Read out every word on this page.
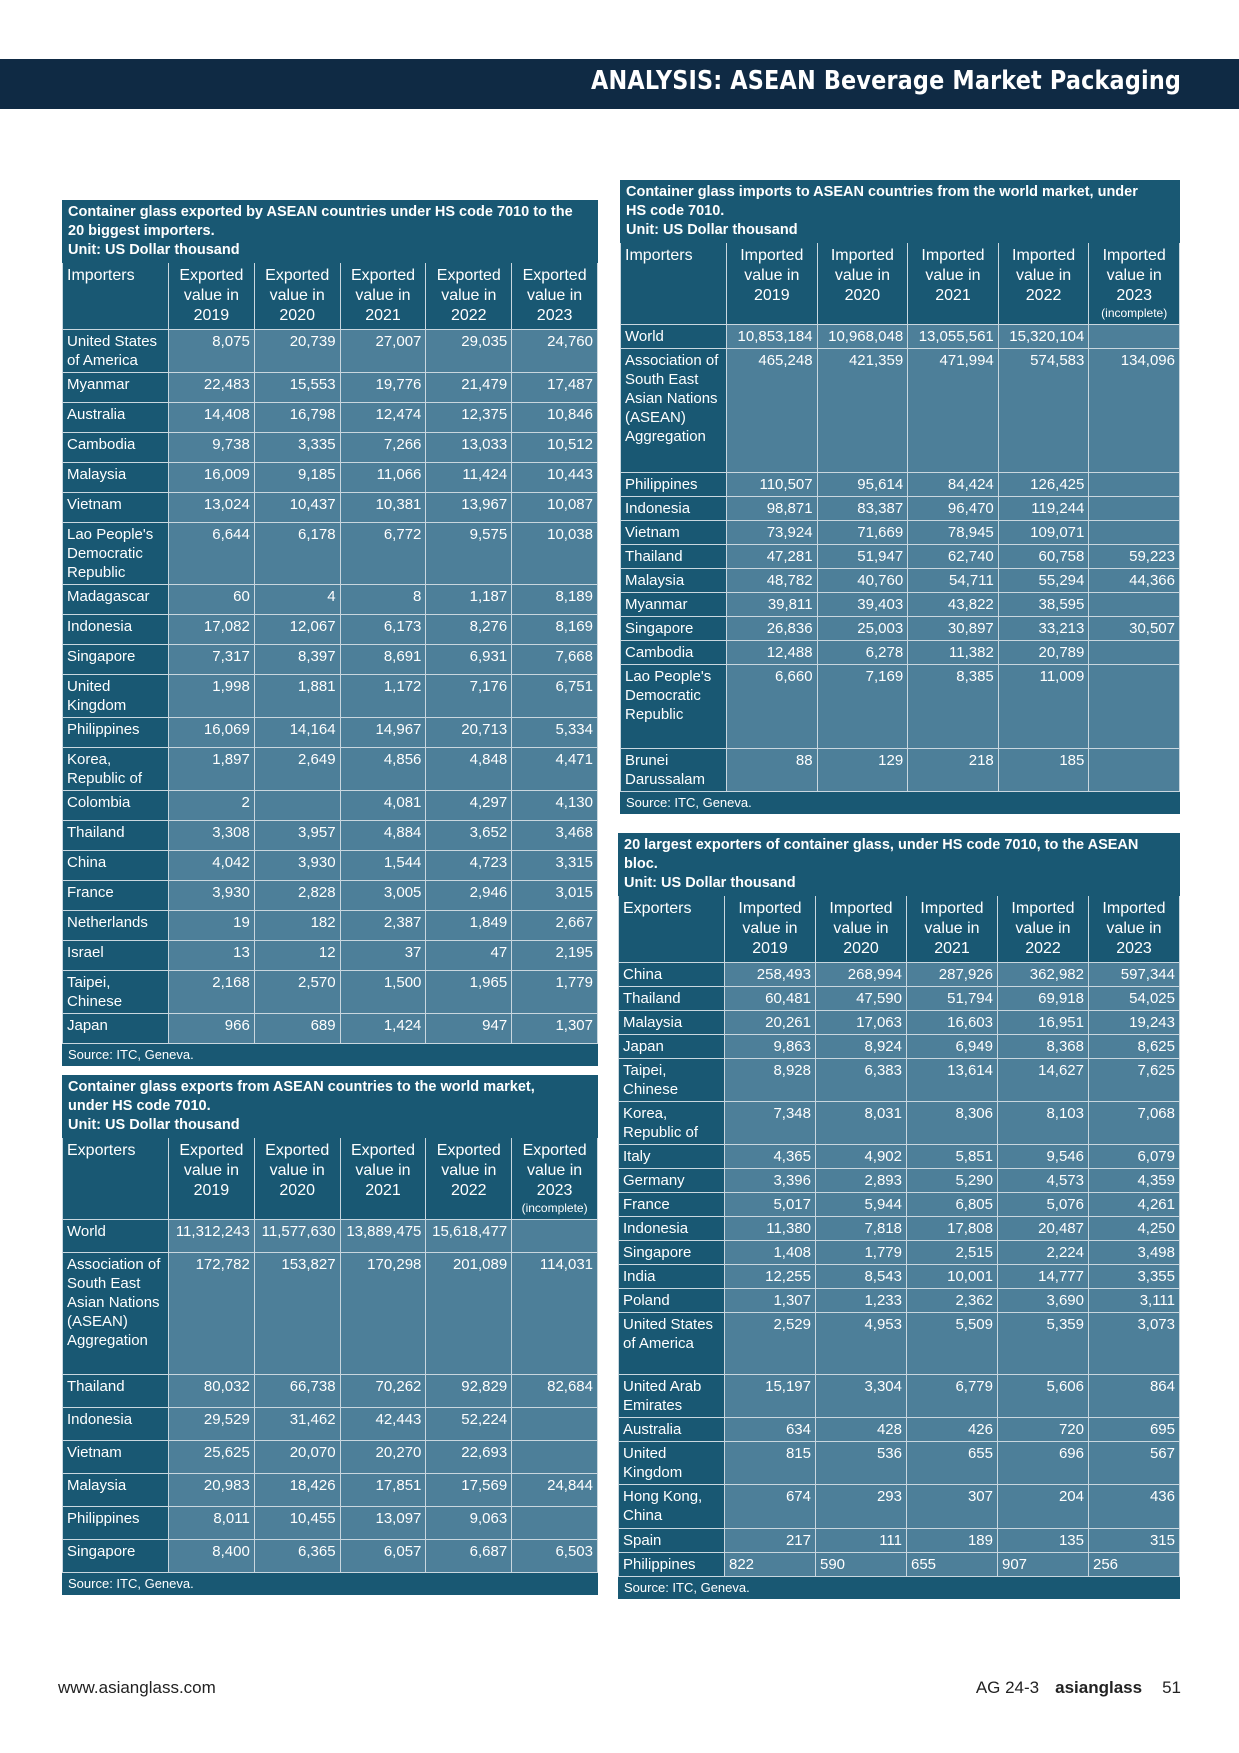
ANALYSIS: ASEAN Beverage Market Packaging
Container glass exported by ASEAN countries under HS code 7010 to the
20 biggest importers.
Unit: US Dollar thousand					

Importers	Exported value in 2019	Exported value in 2020	Exported value in 2021	Exported value in 2022	Exported value in 2023
United States of America	8,075	20,739	27,007	29,035	24,760
Myanmar	22,483	15,553	19,776	21,479	17,487
Australia	14,408	16,798	12,474	12,375	10,846
Cambodia	9,738	3,335	7,266	13,033	10,512
Malaysia	16,009	9,185	11,066	11,424	10,443
Vietnam	13,024	10,437	10,381	13,967	10,087
Lao People's Democratic Republic	6,644	6,178	6,772	9,575	10,038
Madagascar	60	4	8	1,187	8,189
Indonesia	17,082	12,067	6,173	8,276	8,169
Singapore	7,317	8,397	8,691	6,931	7,668
United Kingdom	1,998	1,881	1,172	7,176	6,751
Philippines	16,069	14,164	14,967	20,713	5,334
Korea, Republic of	1,897	2,649	4,856	4,848	4,471
Colombia	2		4,081	4,297	4,130
Thailand	3,308	3,957	4,884	3,652	3,468
China	4,042	3,930	1,544	4,723	3,315
France	3,930	2,828	3,005	2,946	3,015
Netherlands	19	182	2,387	1,849	2,667
Israel	13	12	37	47	2,195
Taipei, Chinese	2,168	2,570	1,500	1,965	1,779
Japan	966	689	1,424	947	1,307
Source: ITC, Geneva.					
Container glass exports from ASEAN countries to the world market,
under HS code 7010.
Unit: US Dollar thousand					

Exporters	Exported value in 2019	Exported value in 2020	Exported value in 2021	Exported value in 2022	Exported value in 2023
(incomplete)

World	11,312,243	11,577,630	13,889,475	15,618,477	
Association of South East Asian Nations (ASEAN) Aggregation	172,782	153,827	170,298	201,089	114,031
Thailand	80,032	66,738	70,262	92,829	82,684
Indonesia	29,529	31,462	42,443	52,224	
Vietnam	25,625	20,070	20,270	22,693	
Malaysia	20,983	18,426	17,851	17,569	24,844
Philippines	8,011	10,455	13,097	9,063	
Singapore	8,400	6,365	6,057	6,687	6,503
Source: ITC, Geneva.					
Container glass imports to ASEAN countries from the world market, under
HS code 7010.
Unit: US Dollar thousand					

Importers	Imported value in 2019	Imported value in 2020	Imported value in 2021	Imported value in 2022	Imported value in 2023
(incomplete)

World	10,853,184	10,968,048	13,055,561	15,320,104	
Association of South East Asian Nations (ASEAN) Aggregation	465,248	421,359	471,994	574,583	134,096
Philippines	110,507	95,614	84,424	126,425	
Indonesia	98,871	83,387	96,470	119,244	
Vietnam	73,924	71,669	78,945	109,071	
Thailand	47,281	51,947	62,740	60,758	59,223
Malaysia	48,782	40,760	54,711	55,294	44,366
Myanmar	39,811	39,403	43,822	38,595	
Singapore	26,836	25,003	30,897	33,213	30,507
Cambodia	12,488	6,278	11,382	20,789	
Lao People's Democratic Republic	6,660	7,169	8,385	11,009	
Brunei Darussalam	88	129	218	185	
Source: ITC, Geneva.					
20 largest exporters of container glass, under HS code 7010, to the ASEAN
bloc.
Unit: US Dollar thousand					

Exporters	Imported value in 2019	Imported value in 2020	Imported value in 2021	Imported value in 2022	Imported value in 2023
China	258,493	268,994	287,926	362,982	597,344
Thailand	60,481	47,590	51,794	69,918	54,025
Malaysia	20,261	17,063	16,603	16,951	19,243
Japan	9,863	8,924	6,949	8,368	8,625
Taipei, Chinese	8,928	6,383	13,614	14,627	7,625
Korea, Republic of	7,348	8,031	8,306	8,103	7,068
Italy	4,365	4,902	5,851	9,546	6,079
Germany	3,396	2,893	5,290	4,573	4,359
France	5,017	5,944	6,805	5,076	4,261
Indonesia	11,380	7,818	17,808	20,487	4,250
Singapore	1,408	1,779	2,515	2,224	3,498
India	12,255	8,543	10,001	14,777	3,355
Poland	1,307	1,233	2,362	3,690	3,111
United States of America	2,529	4,953	5,509	5,359	3,073
United Arab Emirates	15,197	3,304	6,779	5,606	864
Australia	634	428	426	720	695
United Kingdom	815	536	655	696	567
Hong Kong, China	674	293	307	204	436
Spain	217	111	189	135	315
Philippines	822	590	655	907	256
Source: ITC, Geneva.					
www.asianglass.com	AG 24-3 asianglass 51
